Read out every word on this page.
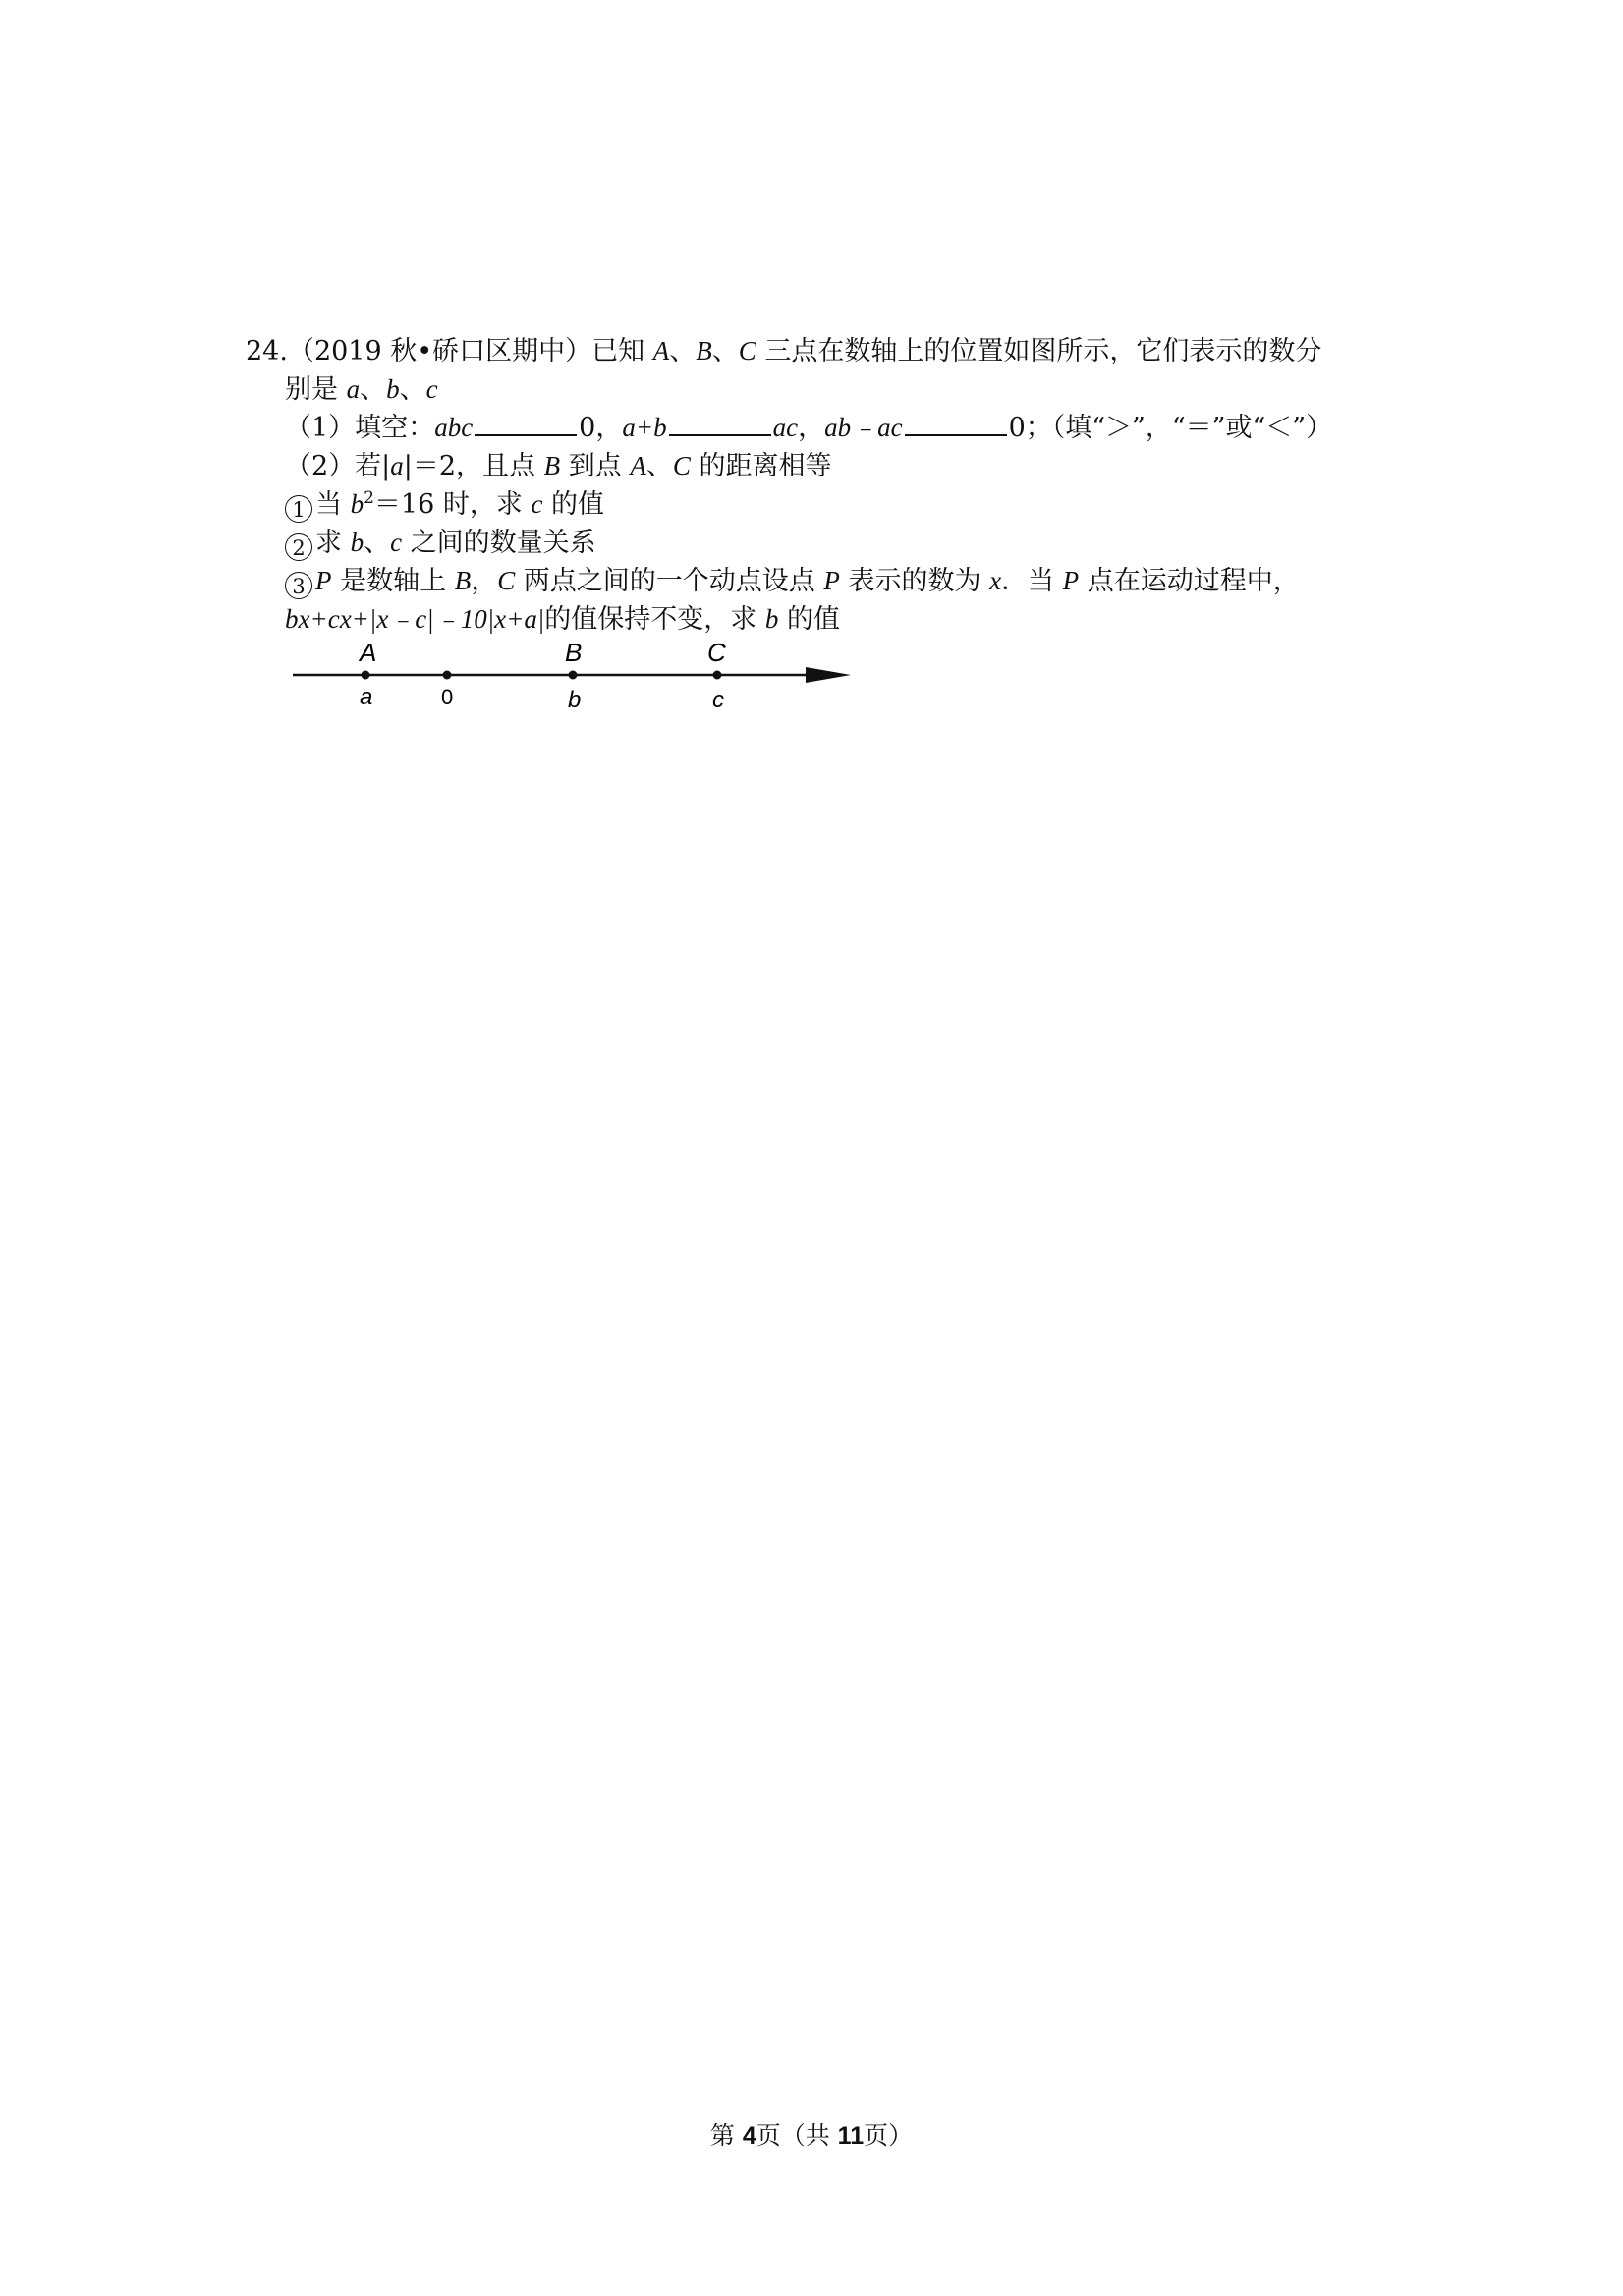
24.（2019 秋•硚口区期中）已知 A、B、C 三点在数轴上的位置如图所示，它们表示的数分
别是 a、b、c
（1）填空：abc	0，a+b	ac，ab﹣ac	0；（填“＞”，“＝”或“＜”）
（2）若|a|＝2，且点 B 到点 A、C 的距离相等
1 当 $b^2=16$ 时，求 c 的值
2 求 b、c 之间的数量关系
3 P 是数轴上 B，C 两点之间的一个动点设点 P 表示的数为 x．当 P 点在运动过程中，
bx+cx+|x﹣c|﹣10|x+a|的值保持不变，求 b 的值
A	B	C
a	0	b	c
第 4页（共 11页）
